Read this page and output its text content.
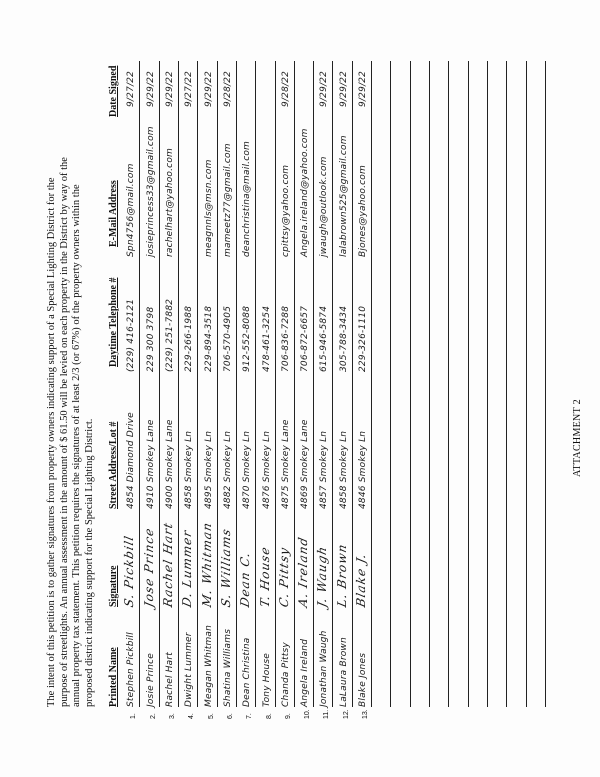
The intent of this petition is to gather signatures from property owners indicating support of a Special Lighting District for the purpose of streetlights. An annual assessment in the amount of $ 61.50 will be levied on each property in the District by way of the annual property tax statement. This petition requires the signatures of at least 2/3 (or 67%) of the property owners within the proposed district indicating support for the Special Lighting District. Printed Name
Signature
Street Address/Lot #
Daytime Telephone #
E-Mail Address
Date Signed
1.
Stephen Pickbill
S. Pickbill
4854 Diamond Drive
(229) 416-2121
Spn4756@mail.com
9/27/22
2.
Josie Prince
Jose Prince
4910 Smokey Lane
229 300 3798
josieprincess33@gmail.com
9/29/22
3.
Rachel Hart
Rachel Hart
4900 Smokey Lane
(229) 251-7882
rachelhart@yahoo.com
9/29/22
4.
Dwight Lummer
D. Lummer
4858 Smokey Ln
229-266-1988
9/27/22
5.
Meagan Whitman
M. Whitman
4895 Smokey Ln
229-894-3518
meagnnls@msn.com
9/29/22
6.
Shatina Williams
S. Williams
4882 Smokey Ln
706-570-4905
mameetz77@gmail.com
9/28/22
7.
Dean Christina
Dean C.
4870 Smokey Ln
912-552-8088
deanchristina@mail.com
8.
Tony House
T. House
4876 Smokey Ln
478-461-3254
9.
Chanda Pittsy
C. Pittsy
4875 Smokey Lane
706-836-7288
cpittsy@yahoo.com
9/28/22
10.
Angela Ireland
A. Ireland
4869 Smokey Lane
706-872-6657
Angela.ireland@yahoo.com
11.
Jonathan Waugh
J. Waugh
4857 Smokey Ln
615-946-5874
jwaugh@outlook.com
9/29/22
12.
LaLaura Brown
L. Brown
4858 Smokey Ln
305-788-3434
lalabrown525@gmail.com
9/29/22
13.
Blake Jones
Blake J.
4846 Smokey Ln
229-326-1110
Bjones@yahoo.com
9/29/22
ATTACHMENT 2
